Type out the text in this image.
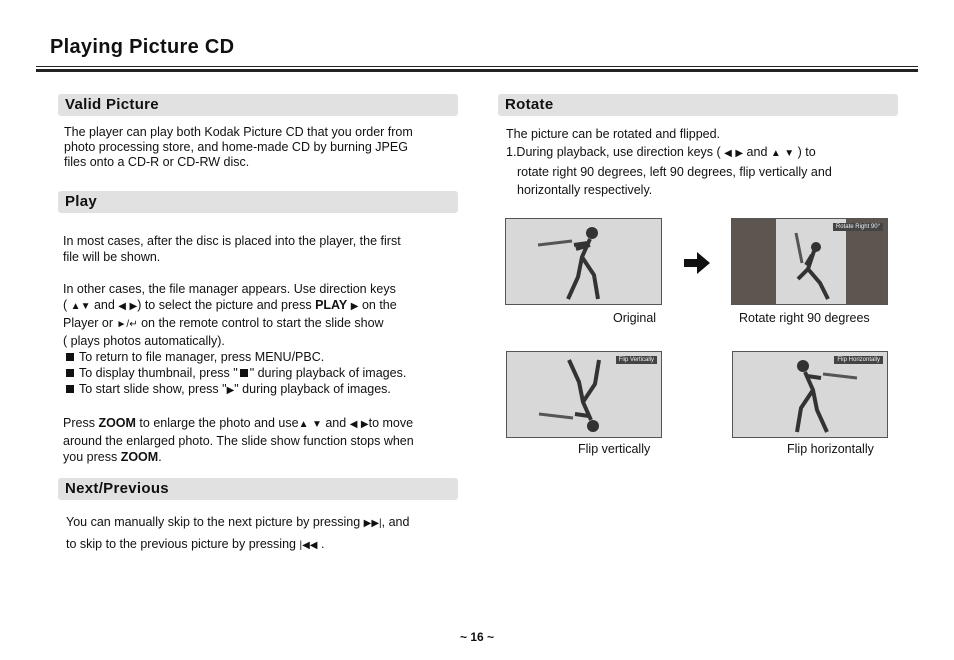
Playing Picture CD
Valid Picture

The player can play both Kodak Picture CD that you order from

photo processing store, and home-made CD by burning JPEG

files onto a CD-R or CD-RW disc.

Play

In most cases, after the disc is placed into the player, the first

file will be shown.

In other cases, the file manager appears. Use direction keys

( ▲▼ and ◀ ▶) to select the picture and press PLAY ▶ on the

Player or ►/↵ on the remote control to start the slide show

( plays photos automatically).

To return to file manager, press MENU/PBC.

To display thumbnail, press " " during playback of images.

To start slide show, press "▶" during playback of images.

Press ZOOM to enlarge the photo and use▲ ▼ and ◀ ▶to move

around the enlarged photo. The slide show function stops when

you press ZOOM.

Next/Previous

You can manually skip to the next picture by pressing ▶▶|, and

to skip to the previous picture by pressing |◀◀ .

Rotate

The picture can be rotated and flipped.

1.During playback, use direction keys ( ◀ ▶ and ▲ ▼ ) to

rotate right 90 degrees, left 90 degrees, flip vertically and

horizontally respectively.

Original
Rotate Right 90°
Rotate right 90 degrees
Flip Vertically
Flip vertically
Flip Horizontally
Flip horizontally
~ 16 ~
